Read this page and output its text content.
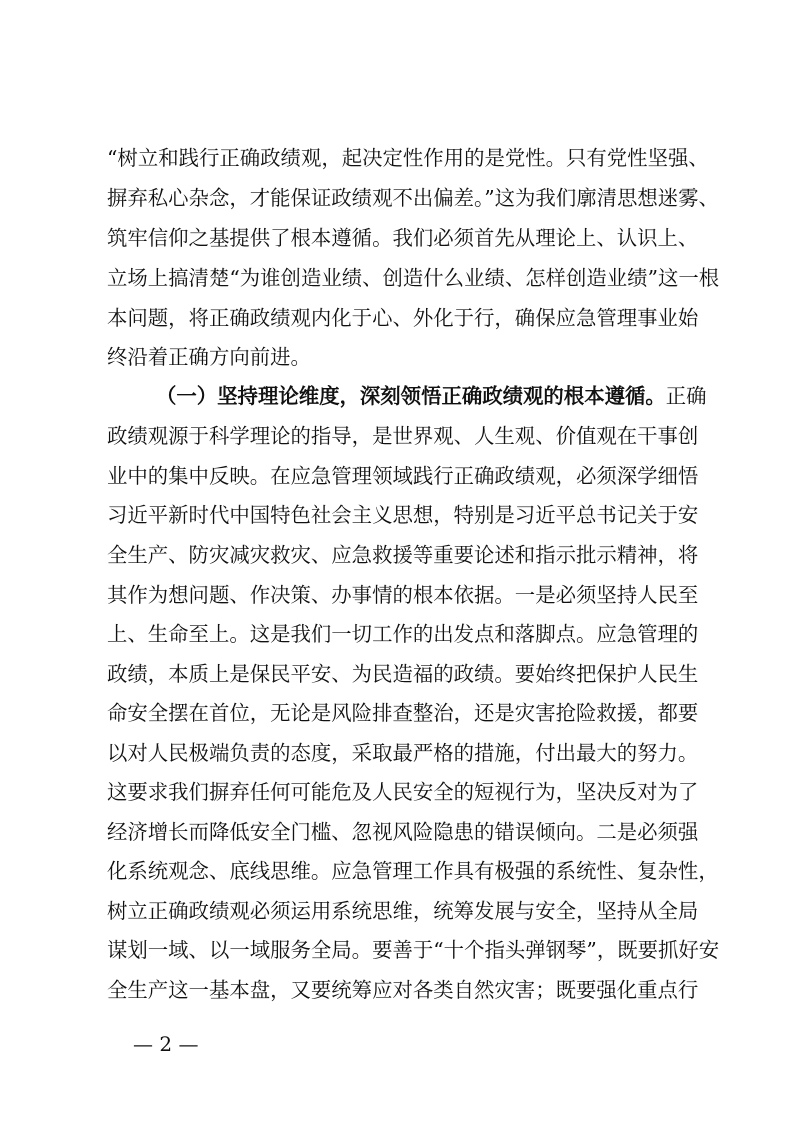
“树立和践行正确政绩观，起决定性作用的是党性。只有党性坚强、
摒弃私心杂念，才能保证政绩观不出偏差。”这为我们廓清思想迷雾、
筑牢信仰之基提供了根本遵循。我们必须首先从理论上、认识上、
立场上搞清楚“为谁创造业绩、创造什么业绩、怎样创造业绩”这一根
本问题，将正确政绩观内化于心、外化于行，确保应急管理事业始
终沿着正确方向前进。
（一）坚持理论维度，深刻领悟正确政绩观的根本遵循。正确
政绩观源于科学理论的指导，是世界观、人生观、价值观在干事创
业中的集中反映。在应急管理领域践行正确政绩观，必须深学细悟
习近平新时代中国特色社会主义思想，特别是习近平总书记关于安
全生产、防灾减灾救灾、应急救援等重要论述和指示批示精神，将
其作为想问题、作决策、办事情的根本依据。一是必须坚持人民至
上、生命至上。这是我们一切工作的出发点和落脚点。应急管理的
政绩，本质上是保民平安、为民造福的政绩。要始终把保护人民生
命安全摆在首位，无论是风险排查整治，还是灾害抢险救援，都要
以对人民极端负责的态度，采取最严格的措施，付出最大的努力。
这要求我们摒弃任何可能危及人民安全的短视行为，坚决反对为了
经济增长而降低安全门槛、忽视风险隐患的错误倾向。二是必须强
化系统观念、底线思维。应急管理工作具有极强的系统性、复杂性，
树立正确政绩观必须运用系统思维，统筹发展与安全，坚持从全局
谋划一域、以一域服务全局。要善于“十个指头弹钢琴”，既要抓好安
全生产这一基本盘，又要统筹应对各类自然灾害；既要强化重点行
— 2 —
